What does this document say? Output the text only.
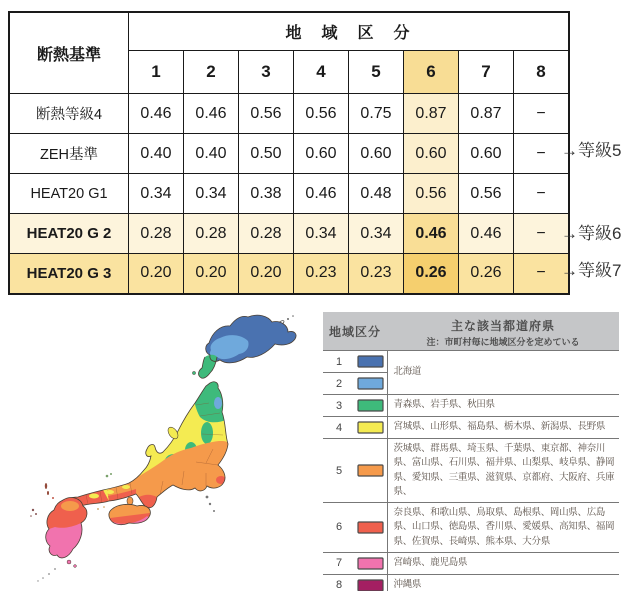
断熱基準	地　域　区　分							
	1	2	3	4	5	6	7	8
断熱等級4	0.46	0.46	0.56	0.56	0.75	0.87	0.87	−
ZEH基準	0.40	0.40	0.50	0.60	0.60	0.60	0.60	−
HEAT20 G1	0.34	0.34	0.38	0.46	0.48	0.56	0.56	−
HEAT20 G 2	0.28	0.28	0.28	0.34	0.34	0.46	0.46	−
HEAT20 G 3	0.20	0.20	0.20	0.23	0.23	0.26	0.26	−
→等級5
→等級6
→等級7
地域区分		主な該当都道府県
注：市町村毎に地域区分を定めている

1		北海道
2	

3		青森県、岩手県、秋田県
4		宮城県、山形県、福島県、栃木県、新潟県、長野県
5		茨城県、群馬県、埼玉県、千葉県、東京都、神奈川県、富山県、石川県、福井県、山梨県、岐阜県、静岡県、愛知県、三重県、滋賀県、京都府、大阪府、兵庫県、
6		奈良県、和歌山県、鳥取県、島根県、岡山県、広島県、山口県、徳島県、香川県、愛媛県、高知県、福岡県、佐賀県、長崎県、熊本県、大分県
7		宮崎県、鹿児島県
8		沖縄県
